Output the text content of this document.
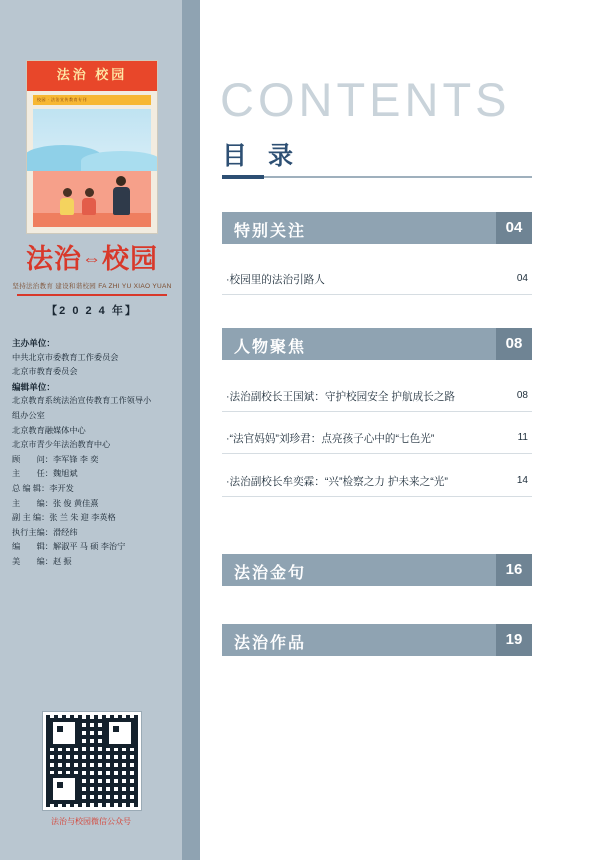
法治 校园
校园 · 法治宣传教育专刊
法治⇔校园
坚持法治教育 建设和谐校园 FA ZHI YU XIAO YUAN
【2 0 2 4 年】
主办单位：
中共北京市委教育工作委员会
北京市教育委员会
编辑单位：
北京教育系统法治宣传教育工作领导小
组办公室
北京教育融媒体中心
北京市青少年法治教育中心
顾　　问：李军锋 李 奕
主　　任：魏旭斌
总 编 辑：李开发
主　　编：张 俊 黄佳熹
副 主 编：张 兰 朱 迎 李英格
执行主编：滑经纬
编　　辑：解淑平 马 硕 李治宁
美　　编：赵 振
法治与校园微信公众号
CONTENTS
目 录
特别关注	04
·校园里的法治引路人	04
人物聚焦	08
·法治副校长王国斌：守护校园安全 护航成长之路	08
·“法官妈妈”刘珍君：点亮孩子心中的“七色光”	11
·法治副校长牟奕霖：“兴”检察之力 护未来之“光”	14
法治金句	16
法治作品	19
